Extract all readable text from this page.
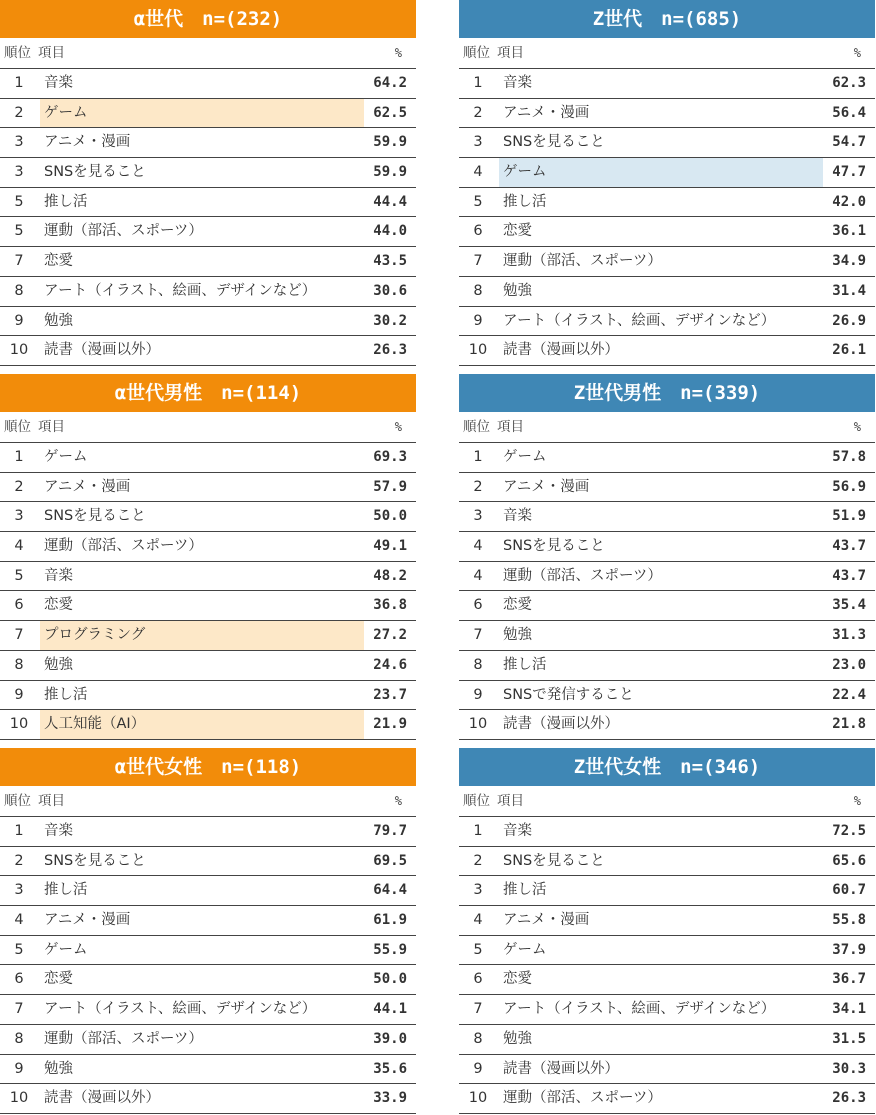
α世代　n=(232)
順位 項目	%
1	音楽	64.2
2	ゲーム	62.5
3	アニメ・漫画	59.9
3	SNSを見ること	59.9
5	推し活	44.4
5	運動（部活、スポーツ）	44.0
7	恋愛	43.5
8	アート（イラスト、絵画、デザインなど）	30.6
9	勉強	30.2
10	読書（漫画以外）	26.3
Z世代　n=(685)
順位 項目	%
1	音楽	62.3
2	アニメ・漫画	56.4
3	SNSを見ること	54.7
4	ゲーム	47.7
5	推し活	42.0
6	恋愛	36.1
7	運動（部活、スポーツ）	34.9
8	勉強	31.4
9	アート（イラスト、絵画、デザインなど）	26.9
10	読書（漫画以外）	26.1
α世代男性　n=(114)
順位 項目	%
1	ゲーム	69.3
2	アニメ・漫画	57.9
3	SNSを見ること	50.0
4	運動（部活、スポーツ）	49.1
5	音楽	48.2
6	恋愛	36.8
7	プログラミング	27.2
8	勉強	24.6
9	推し活	23.7
10	人工知能（AI）	21.9
Z世代男性　n=(339)
順位 項目	%
1	ゲーム	57.8
2	アニメ・漫画	56.9
3	音楽	51.9
4	SNSを見ること	43.7
4	運動（部活、スポーツ）	43.7
6	恋愛	35.4
7	勉強	31.3
8	推し活	23.0
9	SNSで発信すること	22.4
10	読書（漫画以外）	21.8
α世代女性　n=(118)
順位 項目	%
1	音楽	79.7
2	SNSを見ること	69.5
3	推し活	64.4
4	アニメ・漫画	61.9
5	ゲーム	55.9
6	恋愛	50.0
7	アート（イラスト、絵画、デザインなど）	44.1
8	運動（部活、スポーツ）	39.0
9	勉強	35.6
10	読書（漫画以外）	33.9
Z世代女性　n=(346)
順位 項目	%
1	音楽	72.5
2	SNSを見ること	65.6
3	推し活	60.7
4	アニメ・漫画	55.8
5	ゲーム	37.9
6	恋愛	36.7
7	アート（イラスト、絵画、デザインなど）	34.1
8	勉強	31.5
9	読書（漫画以外）	30.3
10	運動（部活、スポーツ）	26.3
